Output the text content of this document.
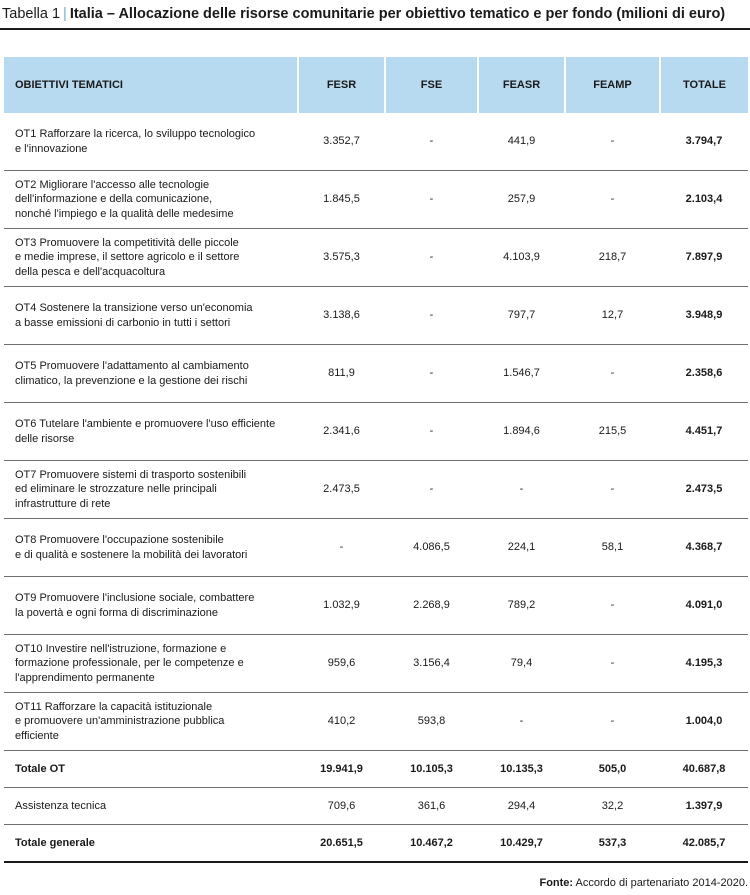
Tabella 1 | Italia – Allocazione delle risorse comunitarie per obiettivo tematico e per fondo (milioni di euro)
OBIETTIVI TEMATICI	FESR	FSE	FEASR	FEAMP	TOTALE
OT1 Rafforzare la ricerca, lo sviluppo tecnologico
e l'innovazione	3.352,7	-	441,9	-	3.794,7
OT2 Migliorare l'accesso alle tecnologie
dell'informazione e della comunicazione,
nonché l'impiego e la qualità delle medesime	1.845,5	-	257,9	-	2.103,4
OT3 Promuovere la competitività delle piccole
e medie imprese, il settore agricolo e il settore
della pesca e dell'acquacoltura	3.575,3	-	4.103,9	218,7	7.897,9
OT4 Sostenere la transizione verso un'economia
a basse emissioni di carbonio in tutti i settori	3.138,6	-	797,7	12,7	3.948,9
OT5 Promuovere l'adattamento al cambiamento
climatico, la prevenzione e la gestione dei rischi	811,9	-	1.546,7	-	2.358,6
OT6 Tutelare l'ambiente e promuovere l'uso efficiente
delle risorse	2.341,6	-	1.894,6	215,5	4.451,7
OT7 Promuovere sistemi di trasporto sostenibili
ed eliminare le strozzature nelle principali
infrastrutture di rete	2.473,5	-	-	-	2.473,5
OT8 Promuovere l'occupazione sostenibile
e di qualità e sostenere la mobilità dei lavoratori	-	4.086,5	224,1	58,1	4.368,7
OT9 Promuovere l'inclusione sociale, combattere
la povertà e ogni forma di discriminazione	1.032,9	2.268,9	789,2	-	4.091,0
OT10 Investire nell'istruzione, formazione e
formazione professionale, per le competenze e
l'apprendimento permanente	959,6	3.156,4	79,4	-	4.195,3
OT11 Rafforzare la capacità istituzionale
e promuovere un'amministrazione pubblica
efficiente	410,2	593,8	-	-	1.004,0
Totale OT	19.941,9	10.105,3	10.135,3	505,0	40.687,8
Assistenza tecnica	709,6	361,6	294,4	32,2	1.397,9
Totale generale	20.651,5	10.467,2	10.429,7	537,3	42.085,7
Fonte: Accordo di partenariato 2014-2020.
